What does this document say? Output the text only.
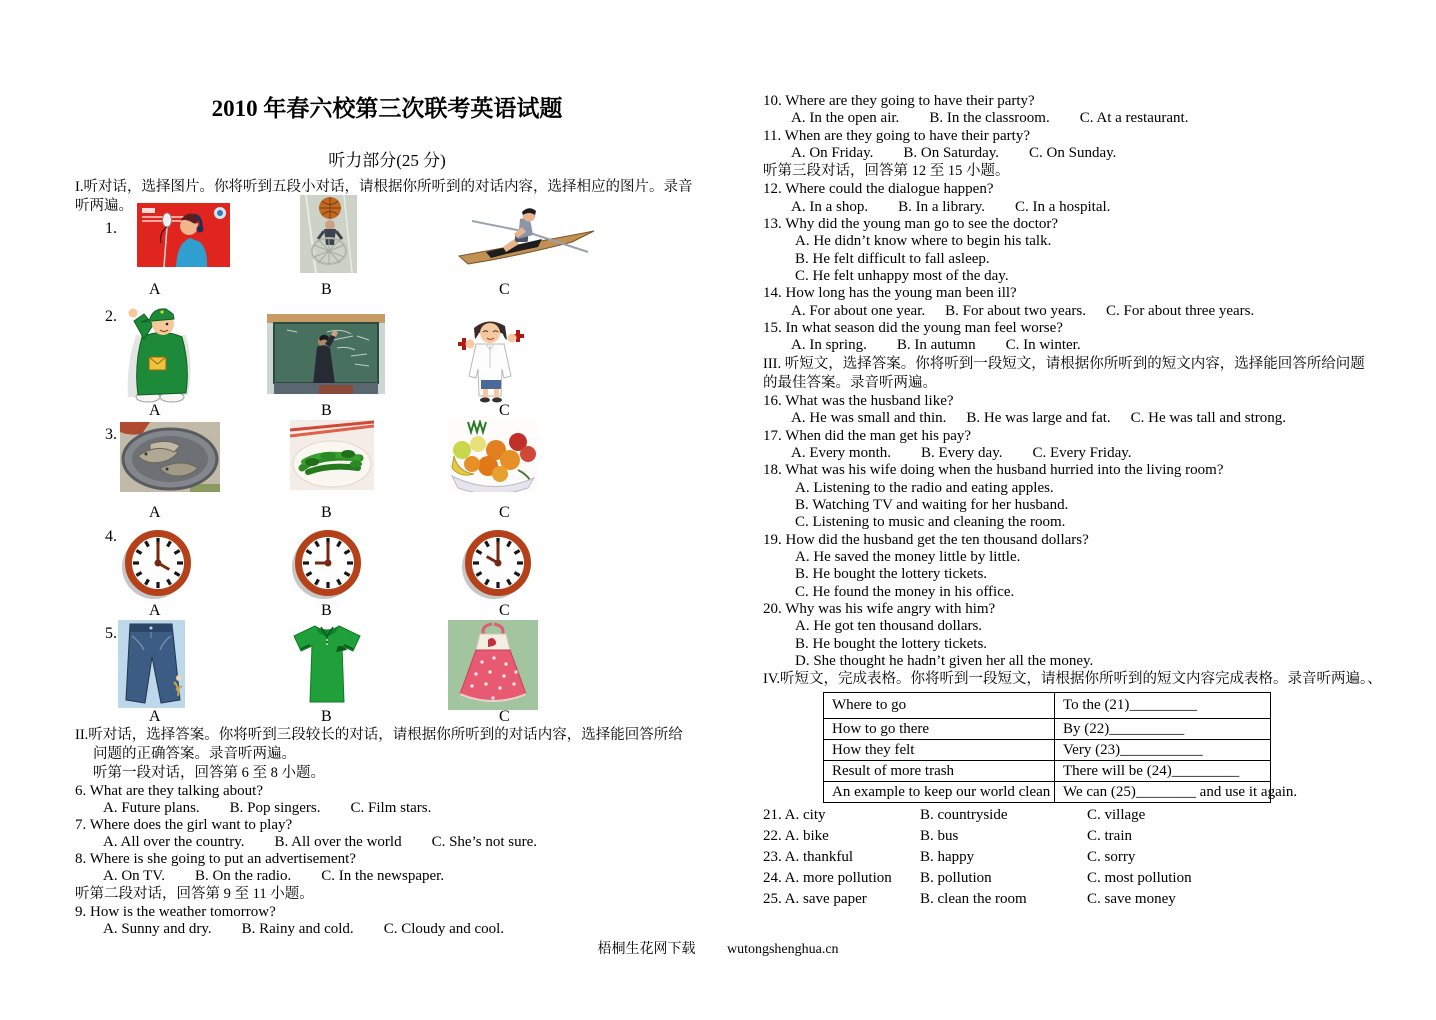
2010 年春六校第三次联考英语试题
听力部分(25 分)
I.听对话，选择图片。你将听到五段小对话，请根据你所听到的对话内容，选择相应的图片。录音
听两遍。
1.
A	B	C
2.
A	B	C
3.
A	B	C
4.
A	B	C
5.
A	B	C
II.听对话，选择答案。你将听到三段较长的对话，请根据你所听到的对话内容，选择能回答所给
问题的正确答案。录音听两遍。
听第一段对话，回答第 6 至 8 小题。
6. What are they talking about?
A. Future plans. B. Pop singers. C. Film stars.
7. Where does the girl want to play?
A. All over the country. B. All over the world C. She’s not sure.
8. Where is she going to put an advertisement?
A. On TV. B. On the radio. C. In the newspaper.
听第二段对话，回答第 9 至 11 小题。
9. How is the weather tomorrow?
A. Sunny and dry. B. Rainy and cold. C. Cloudy and cool.
10. Where are they going to have their party?
A. In the open air. B. In the classroom. C. At a restaurant.
11. When are they going to have their party?
A. On Friday. B. On Saturday. C. On Sunday.
听第三段对话，回答第 12 至 15 小题。
12. Where could the dialogue happen?
A. In a shop. B. In a library. C. In a hospital.
13. Why did the young man go to see the doctor?
A. He didn’t know where to begin his talk.
B. He felt difficult to fall asleep.
C. He felt unhappy most of the day.
14. How long has the young man been ill?
A. For about one year. B. For about two years. C. For about three years.
15. In what season did the young man feel worse?
A. In spring. B. In autumn C. In winter.
III. 听短文，选择答案。你将听到一段短文，请根据你所听到的短文内容，选择能回答所给问题
的最佳答案。录音听两遍。
16. What was the husband like?
A. He was small and thin. B. He was large and fat. C. He was tall and strong.
17. When did the man get his pay?
A. Every month. B. Every day. C. Every Friday.
18. What was his wife doing when the husband hurried into the living room?
A. Listening to the radio and eating apples.
B. Watching TV and waiting for her husband.
C. Listening to music and cleaning the room.
19. How did the husband get the ten thousand dollars?
A. He saved the money little by little.
B. He bought the lottery tickets.
C. He found the money in his office.
20. Why was his wife angry with him?
A. He got ten thousand dollars.
B. He bought the lottery tickets.
D. She thought he hadn’t given her all the money.
IV.听短文，完成表格。你将听到一段短文，请根据你所听到的短文内容完成表格。录音听两遍。、
Where to go	To the (21)_________
How to go there	By (22)__________
How they felt	Very (23)___________
Result of more trash	There will be (24)_________
An example to keep our world clean	We can (25)________ and use it again.
21. A. city	B. countryside	C. village
22. A. bike	B. bus	C. train
23. A. thankful	B. happy	C. sorry
24. A. more pollution	B. pollution	C. most pollution
25. A. save paper	B. clean the room	C. save money
梧桐生花网下载 wutongshenghua.cn
